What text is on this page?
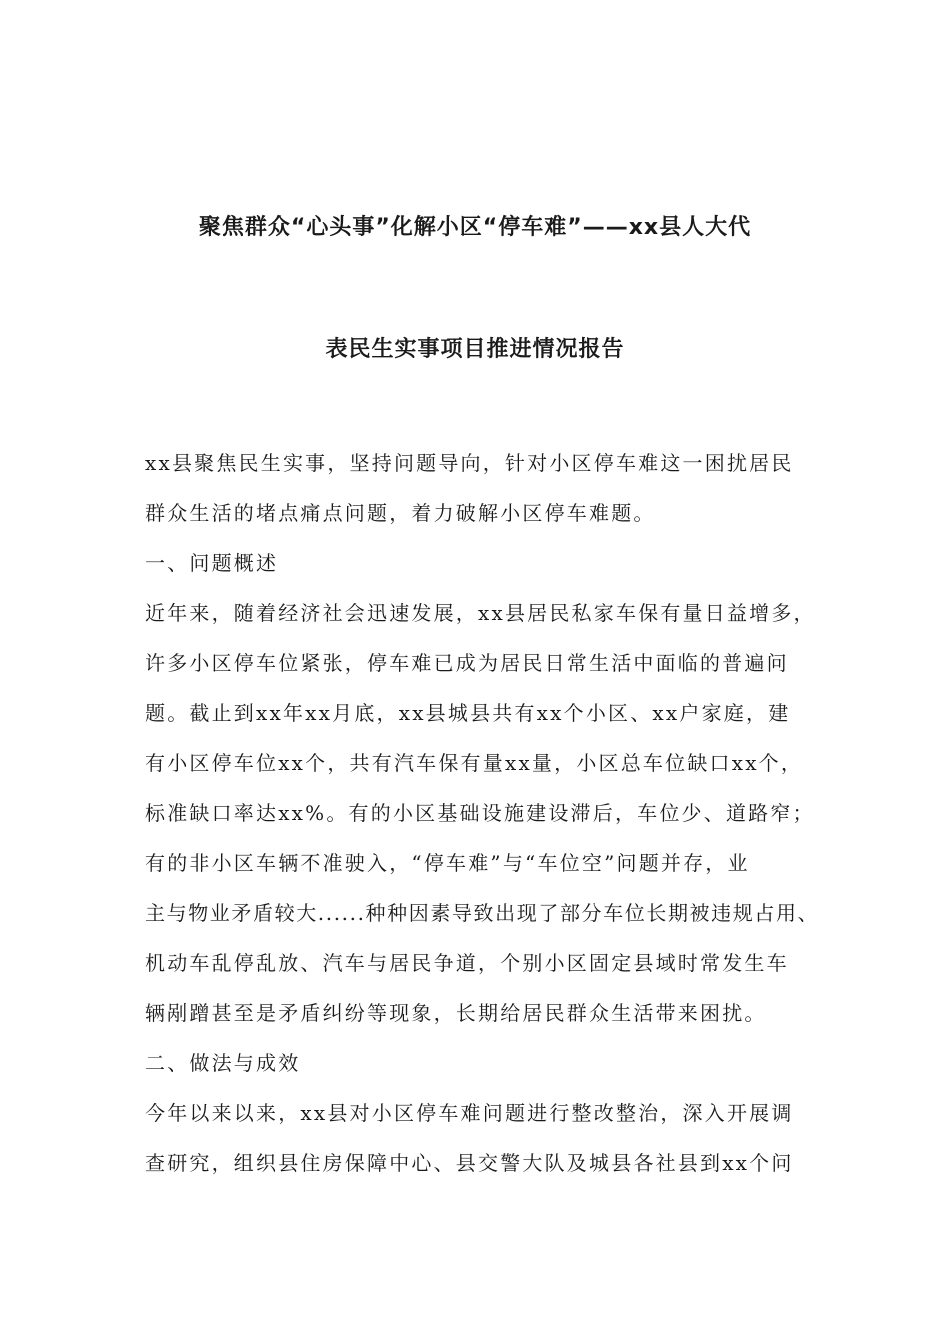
聚焦群众“心头事”化解小区“停车难”——xx县人大代
表民生实事项目推进情况报告
xx县聚焦民生实事，坚持问题导向，针对小区停车难这一困扰居民
群众生活的堵点痛点问题，着力破解小区停车难题。
一、问题概述
近年来，随着经济社会迅速发展，xx县居民私家车保有量日益增多，
许多小区停车位紧张，停车难已成为居民日常生活中面临的普遍问
题。截止到xx年xx月底，xx县城县共有xx个小区、xx户家庭，建
有小区停车位xx个，共有汽车保有量xx量，小区总车位缺口xx个，
标准缺口率达xx%。有的小区基础设施建设滞后，车位少、道路窄；
有的非小区车辆不准驶入，“停车难”与“车位空”问题并存，业
主与物业矛盾较大......种种因素导致出现了部分车位长期被违规占用、
机动车乱停乱放、汽车与居民争道，个别小区固定县域时常发生车
辆剐蹭甚至是矛盾纠纷等现象，长期给居民群众生活带来困扰。
二、做法与成效
今年以来以来，xx县对小区停车难问题进行整改整治，深入开展调
查研究，组织县住房保障中心、县交警大队及城县各社县到xx个问
